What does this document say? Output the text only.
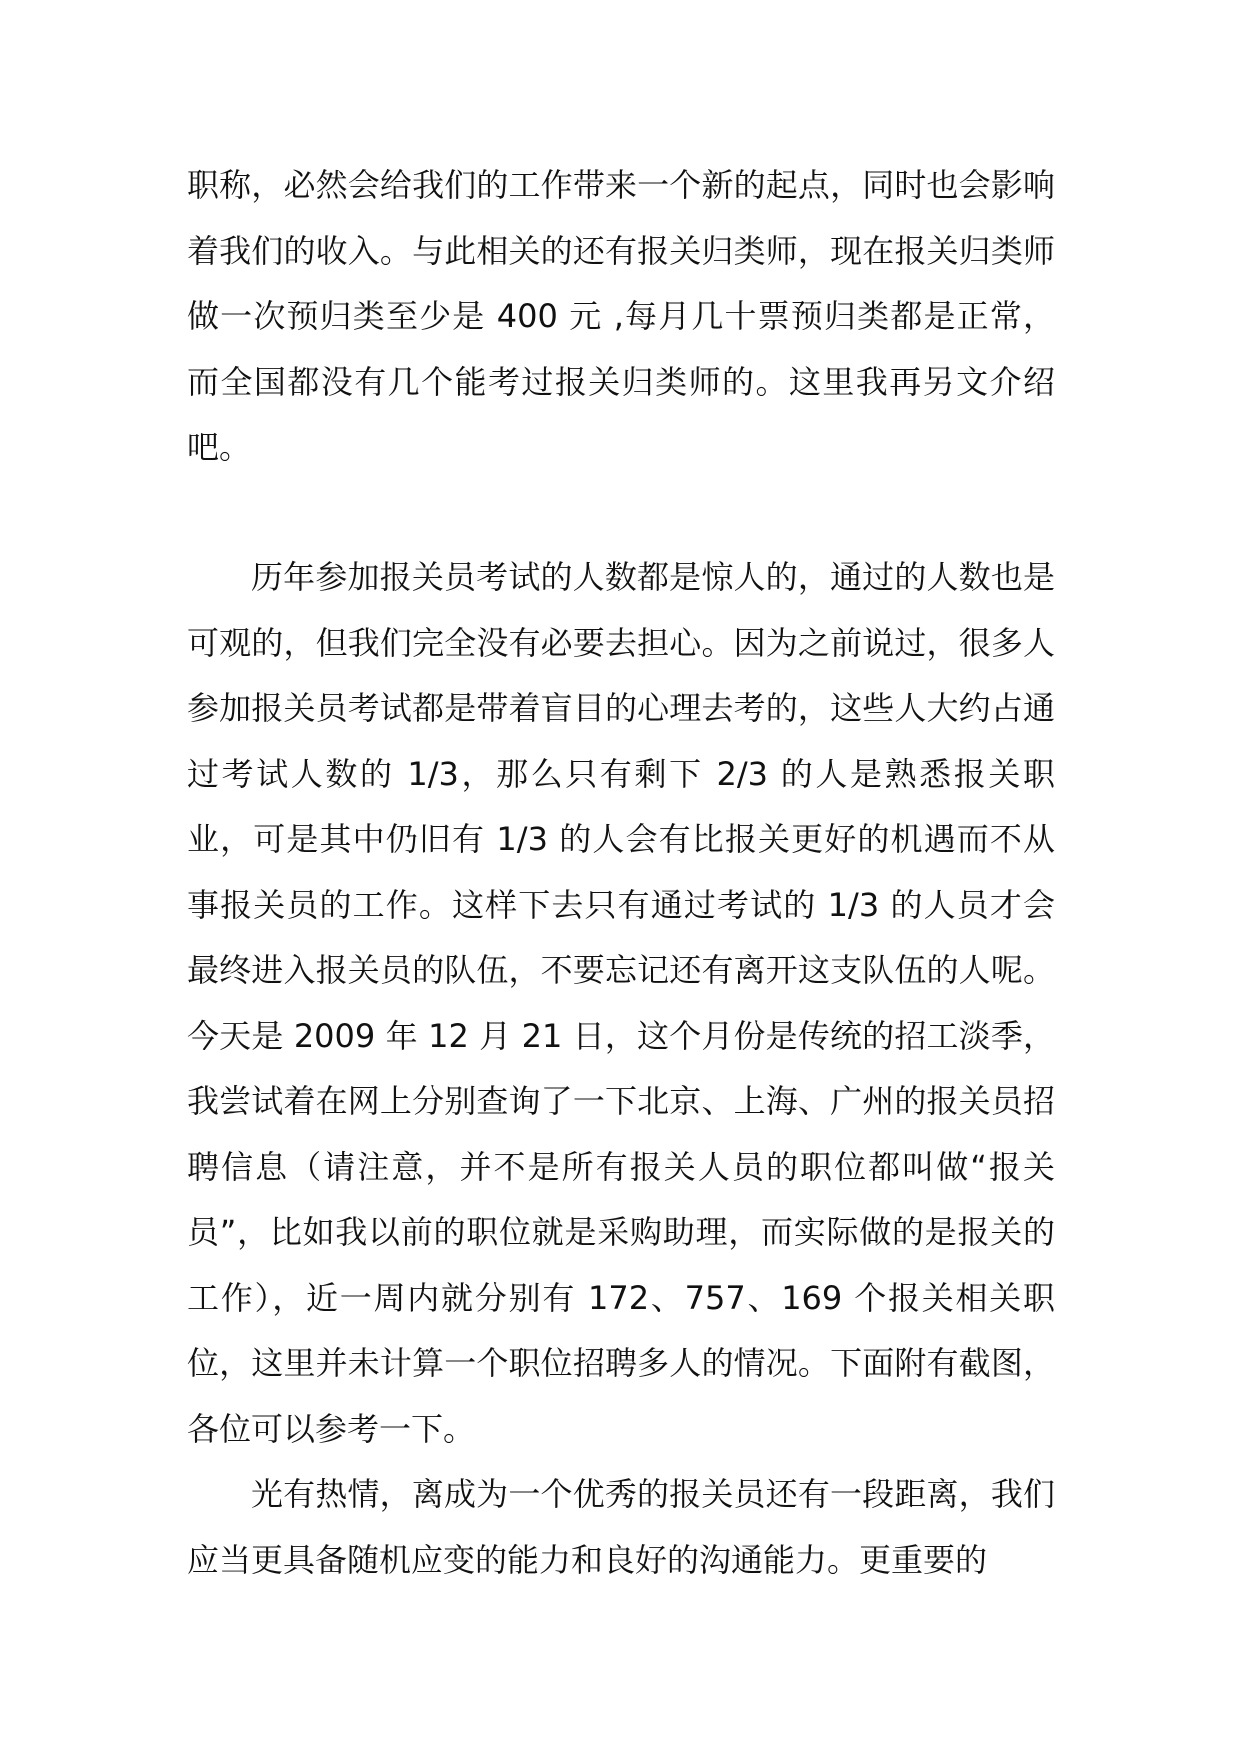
职称，必然会给我们的工作带来一个新的起点，同时也会影响着我们的收入。与此相关的还有报关归类师，现在报关归类师做一次预归类至少是 400 元 ,每月几十票预归类都是正常，而全国都没有几个能考过报关归类师的。这里我再另文介绍吧。

历年参加报关员考试的人数都是惊人的，通过的人数也是可观的，但我们完全没有必要去担心。因为之前说过，很多人参加报关员考试都是带着盲目的心理去考的，这些人大约占通过考试人数的 1/3，那么只有剩下 2/3 的人是熟悉报关职业，可是其中仍旧有 1/3 的人会有比报关更好的机遇而不从事报关员的工作。这样下去只有通过考试的 1/3 的人员才会最终进入报关员的队伍，不要忘记还有离开这支队伍的人呢。今天是 2009 年 12 月 21 日，这个月份是传统的招工淡季，我尝试着在网上分别查询了一下北京、上海、广州的报关员招聘信息（请注意，并不是所有报关人员的职位都叫做“报关员”，比如我以前的职位就是采购助理，而实际做的是报关的工作），近一周内就分别有 172、757、169 个报关相关职位，这里并未计算一个职位招聘多人的情况。下面附有截图，各位可以参考一下。

光有热情，离成为一个优秀的报关员还有一段距离，我们应当更具备随机应变的能力和良好的沟通能力。更重要的
